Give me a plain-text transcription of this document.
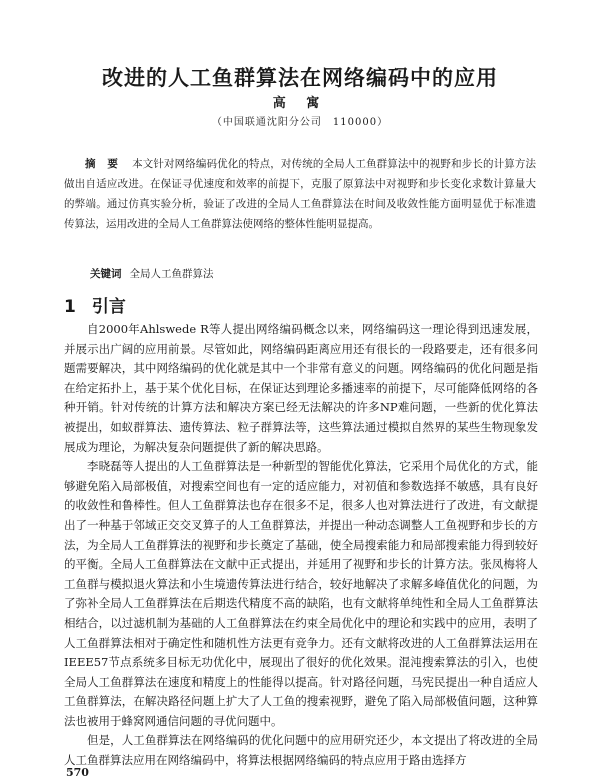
改进的人工鱼群算法在网络编码中的应用
高 寓
（中国联通沈阳分公司　110000）
摘 要 本文针对网络编码优化的特点，对传统的全局人工鱼群算法中的视野和步长的计算方法做出自适应改进。在保证寻优速度和效率的前提下，克服了原算法中对视野和步长变化求数计算量大的弊端。通过仿真实验分析，验证了改进的全局人工鱼群算法在时间及收敛性能方面明显优于标准遗传算法，运用改进的全局人工鱼群算法使网络的整体性能明显提高。
关键词 全局人工鱼群算法
1 引言

自2000年Ahlswede R等人提出网络编码概念以来，网络编码这一理论得到迅速发展，并展示出广阔的应用前景。尽管如此，网络编码距离应用还有很长的一段路要走，还有很多问题需要解决，其中网络编码的优化就是其中一个非常有意义的问题。网络编码的优化问题是指在给定拓扑上，基于某个优化目标，在保证达到理论多播速率的前提下，尽可能降低网络的各种开销。针对传统的计算方法和解决方案已经无法解决的许多NP难问题，一些新的优化算法被提出，如蚁群算法、遗传算法、粒子群算法等，这些算法通过模拟自然界的某些生物现象发展成为理论，为解决复杂问题提供了新的解决思路。

李晓磊等人提出的人工鱼群算法是一种新型的智能优化算法，它采用个局优化的方式，能够避免陷入局部极值，对搜索空间也有一定的适应能力，对初值和参数选择不敏感，具有良好的收敛性和鲁棒性。但人工鱼群算法也存在很多不足，很多人也对算法进行了改进，有文献提出了一种基于邻域正交交叉算子的人工鱼群算法，并提出一种动态调整人工鱼视野和步长的方法，为全局人工鱼群算法的视野和步长奠定了基础，使全局搜索能力和局部搜索能力得到较好的平衡。全局人工鱼群算法在文献中正式提出，并延用了视野和步长的计算方法。张凤梅将人工鱼群与模拟退火算法和小生境遗传算法进行结合，较好地解决了求解多峰值优化的问题，为了弥补全局人工鱼群算法在后期迭代精度不高的缺陷，也有文献将单纯性和全局人工鱼群算法相结合，以过滤机制为基础的人工鱼群算法在约束全局优化中的理论和实践中的应用，表明了人工鱼群算法相对于确定性和随机性方法更有竞争力。还有文献将改进的人工鱼群算法运用在IEEE57节点系统多目标无功优化中，展现出了很好的优化效果。混沌搜索算法的引入，也使全局人工鱼群算法在速度和精度上的性能得以提高。针对路径问题，马宪民提出一种自适应人工鱼群算法，在解决路径问题上扩大了人工鱼的搜索视野，避免了陷入局部极值问题，这种算法也被用于蜂窝网通信问题的寻优问题中。

但是，人工鱼群算法在网络编码的优化问题中的应用研究还少，本文提出了将改进的全局人工鱼群算法应用在网络编码中，将算法根据网络编码的特点应用于路由选择方

570
